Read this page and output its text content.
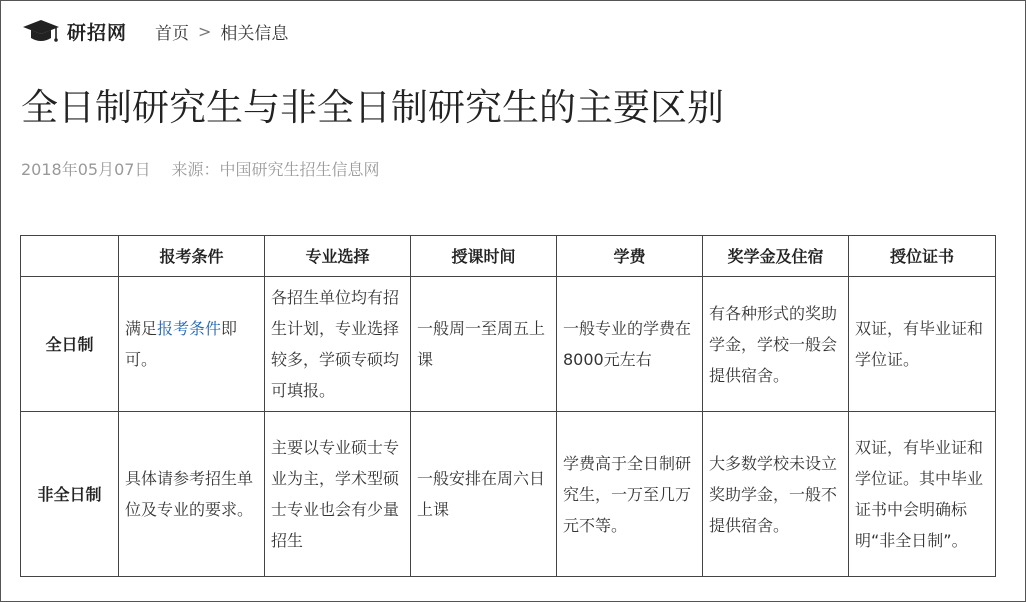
研招网 首页 > 相关信息
全日制研究生与非全日制研究生的主要区别
2018年05月07日 来源：中国研究生招生信息网
	报考条件	专业选择	授课时间	学费	奖学金及住宿	授位证书
全日制	满足报考条件即可。	各招生单位均有招生计划，专业选择较多，学硕专硕均可填报。	一般周一至周五上课	一般专业的学费在8000元左右	有各种形式的奖助学金，学校一般会提供宿舍。	双证，有毕业证和学位证。
非全日制	具体请参考招生单位及专业的要求。	主要以专业硕士专业为主，学术型硕士专业也会有少量招生	一般安排在周六日上课	学费高于全日制研究生，一万至几万元不等。	大多数学校未设立奖助学金，一般不提供宿舍。	双证，有毕业证和学位证。其中毕业证书中会明确标明“非全日制”。
